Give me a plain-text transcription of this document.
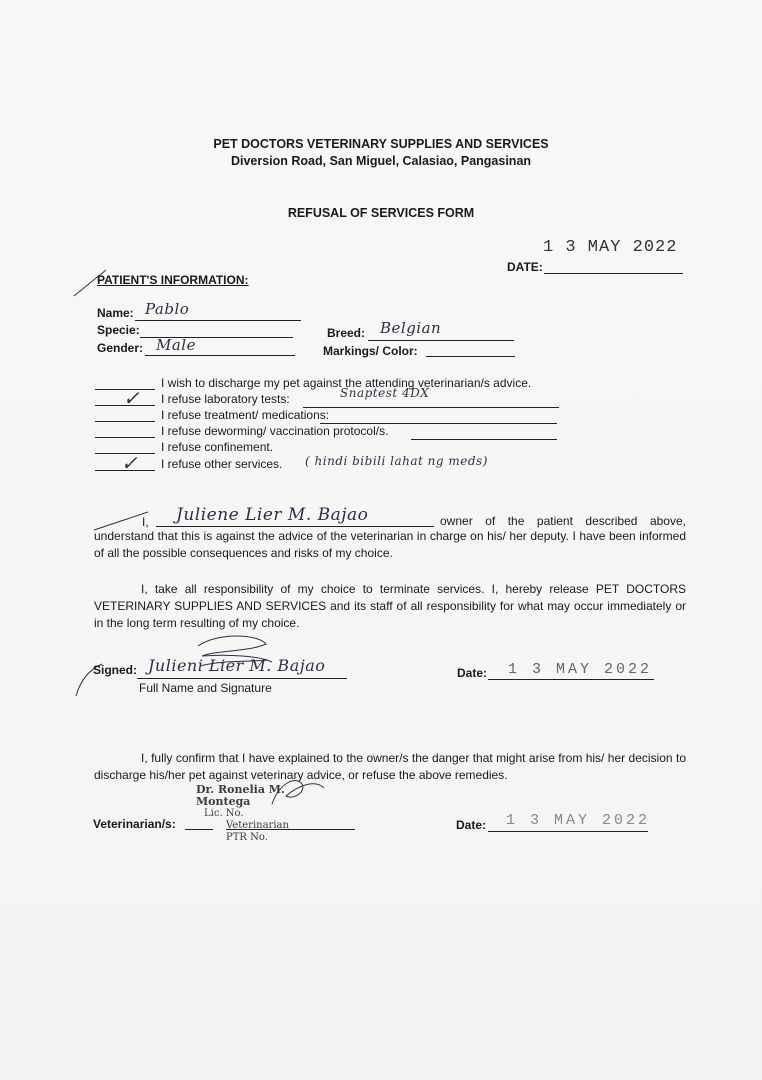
PET DOCTORS VETERINARY SUPPLIES AND SERVICES
Diversion Road, San Miguel, Calasiao, Pangasinan
REFUSAL OF SERVICES FORM
1 3 MAY 2022
DATE:
PATIENT'S INFORMATION:
Name: Pablo
Specie:
Gender: Male
Breed: Belgian
Markings/ Color:
I wish to discharge my pet against the attending veterinarian/s advice.
✓ I refuse laboratory tests:	Snaptest 4DX
I refuse treatment/ medications:
I refuse deworming/ vaccination protocol/s.
I refuse confinement.
✓ I refuse other services. ( hindi bibili lahat ng meds)
I, Juliene Lier M. Bajao	owner of the patient described above,
understand that this is against the advice of the veterinarian in charge on his/ her deputy. I have been informed of all the possible consequences and risks of my choice.
I, take all responsibility of my choice to terminate services. I, hereby release PET DOCTORS VETERINARY SUPPLIES AND SERVICES and its staff of all responsibility for what may occur immediately or in the long term resulting of my choice.
Signed: Julieni Lier M. Bajao
Full Name and Signature
Date: 1 3 MAY 2022
I, fully confirm that I have explained to the owner/s the danger that might arise from his/ her decision to discharge his/her pet against veterinary advice, or refuse the above remedies.
Dr. Ronelia M. Montega
Lic. No.
Veterinarian
PTR No.
Veterinarian/s:	Date: 1 3 MAY 2022
